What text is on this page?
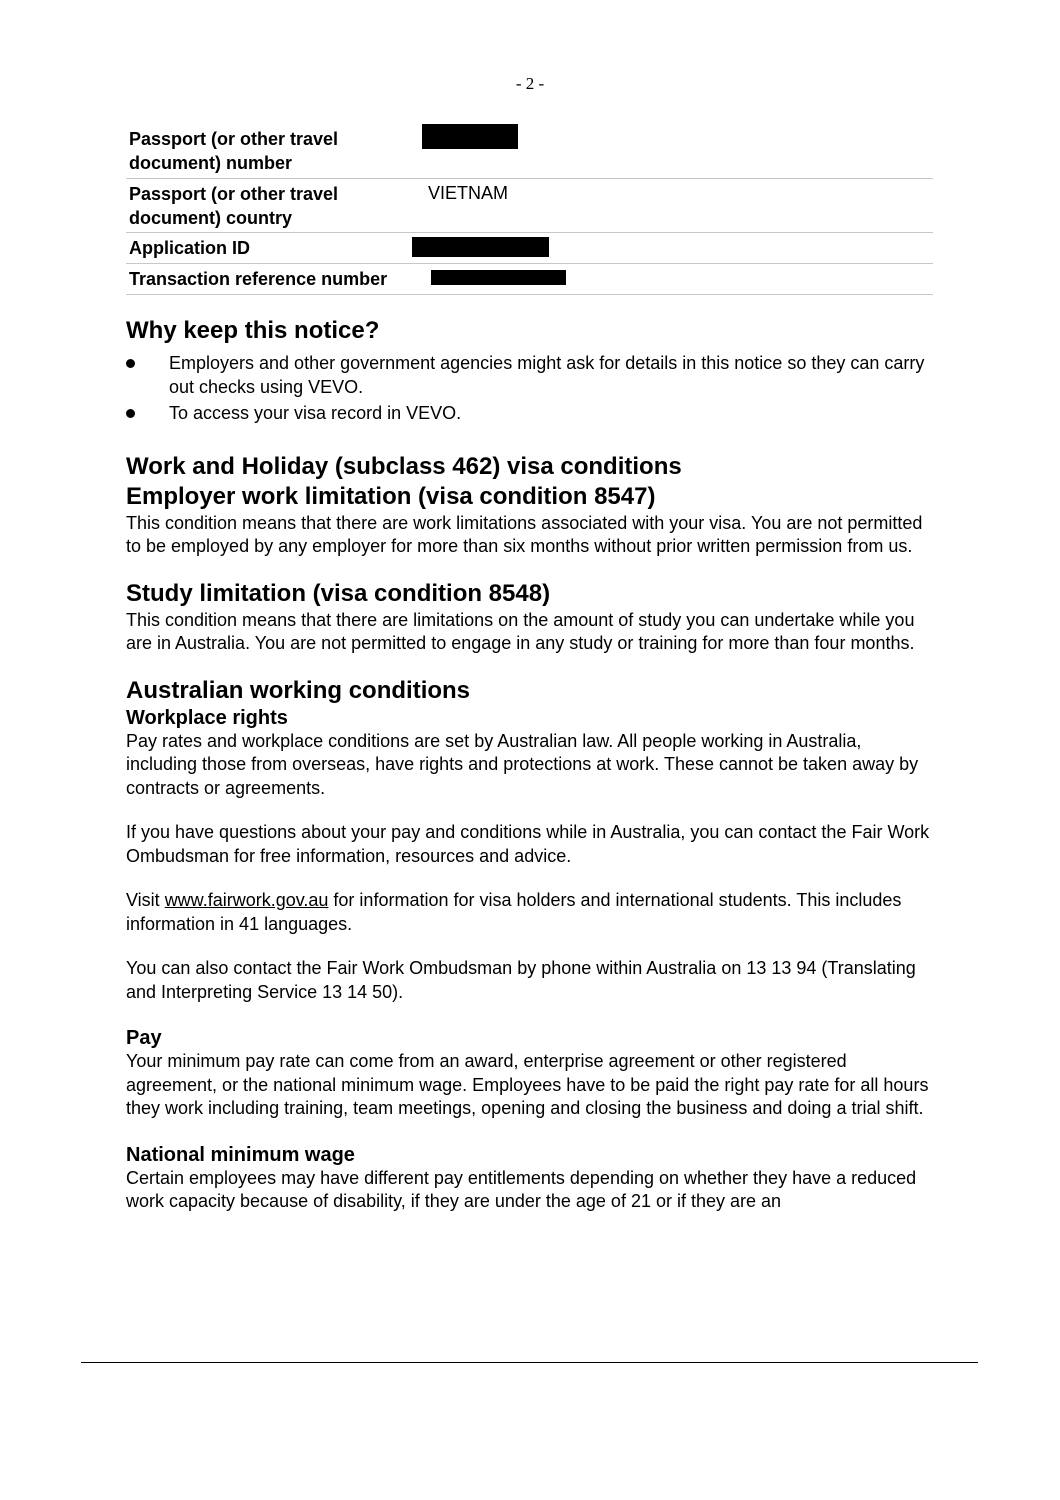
- 2 -
Passport (or other travel
document) number
Passport (or other travel
document) country
VIETNAM
Application ID
Transaction reference number
Why keep this notice?
Employers and other government agencies might ask for details in this notice so they can carry out checks using VEVO.
To access your visa record in VEVO.
Work and Holiday (subclass 462) visa conditions
Employer work limitation (visa condition 8547)

This condition means that there are work limitations associated with your visa. You are not permitted to be employed by any employer for more than six months without prior written permission from us.

Study limitation (visa condition 8548)

This condition means that there are limitations on the amount of study you can undertake while you are in Australia. You are not permitted to engage in any study or training for more than four months.

Australian working conditions
Workplace rights

Pay rates and workplace conditions are set by Australian law. All people working in Australia, including those from overseas, have rights and protections at work. These cannot be taken away by contracts or agreements.

If you have questions about your pay and conditions while in Australia, you can contact the Fair Work Ombudsman for free information, resources and advice.

Visit www.fairwork.gov.au for information for visa holders and international students. This includes information in 41 languages.

You can also contact the Fair Work Ombudsman by phone within Australia on 13 13 94 (Translating and Interpreting Service 13 14 50).

Pay

Your minimum pay rate can come from an award, enterprise agreement or other registered agreement, or the national minimum wage. Employees have to be paid the right pay rate for all hours they work including training, team meetings, opening and closing the business and doing a trial shift.

National minimum wage

Certain employees may have different pay entitlements depending on whether they have a reduced work capacity because of disability, if they are under the age of 21 or if they are an
